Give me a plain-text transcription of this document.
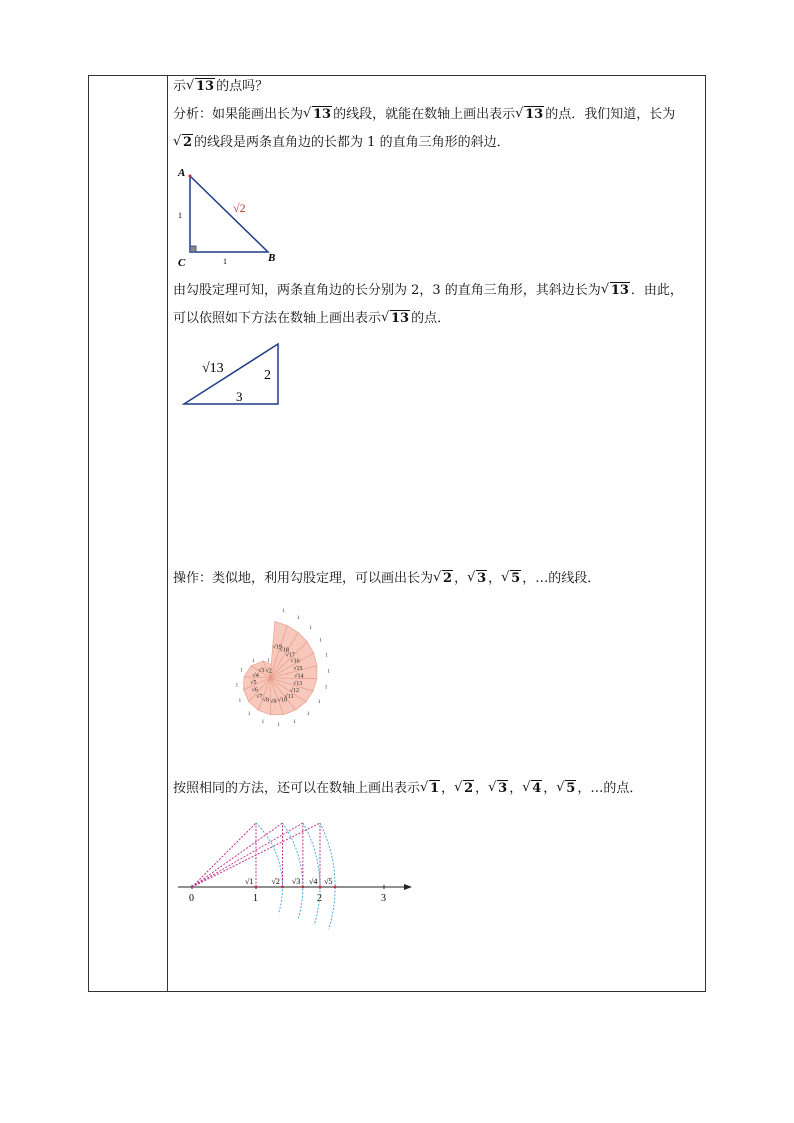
示 √ 13 的点吗？
分析：如果能画出长为 √ 13 的线段，就能在数轴上画出表示 √ 13 的点．我们知道，长为
√ 2 的线段是两条直角边的长都为 1 的直角三角形的斜边．
A
B
C
1
1
√2
由勾股定理可知，两条直角边的长分别为 2，3 的直角三角形，其斜边长为 √ 13 ．由此，
可以依照如下方法在数轴上画出表示 √ 13 的点．
√13	2
3
操作：类似地，利用勾股定理，可以画出长为 √ 2 ， √ 3 ， √ 5 ，…的线段．
√2
1
√3
1
√4
1
√5
1
√6
1
√7
1
√8
1
√9
1
√10
1
√11
1
√12
1
√13
1
√14
1
√15
1
√16
1
√17
1
√18
1
√19
1
按照相同的方法，还可以在数轴上画出表示 √ 1 ， √ 2 ， √ 3 ， √ 4 ， √ 5 ，…的点．
0	1	2	3
√1 √2 √3 √4 √5
